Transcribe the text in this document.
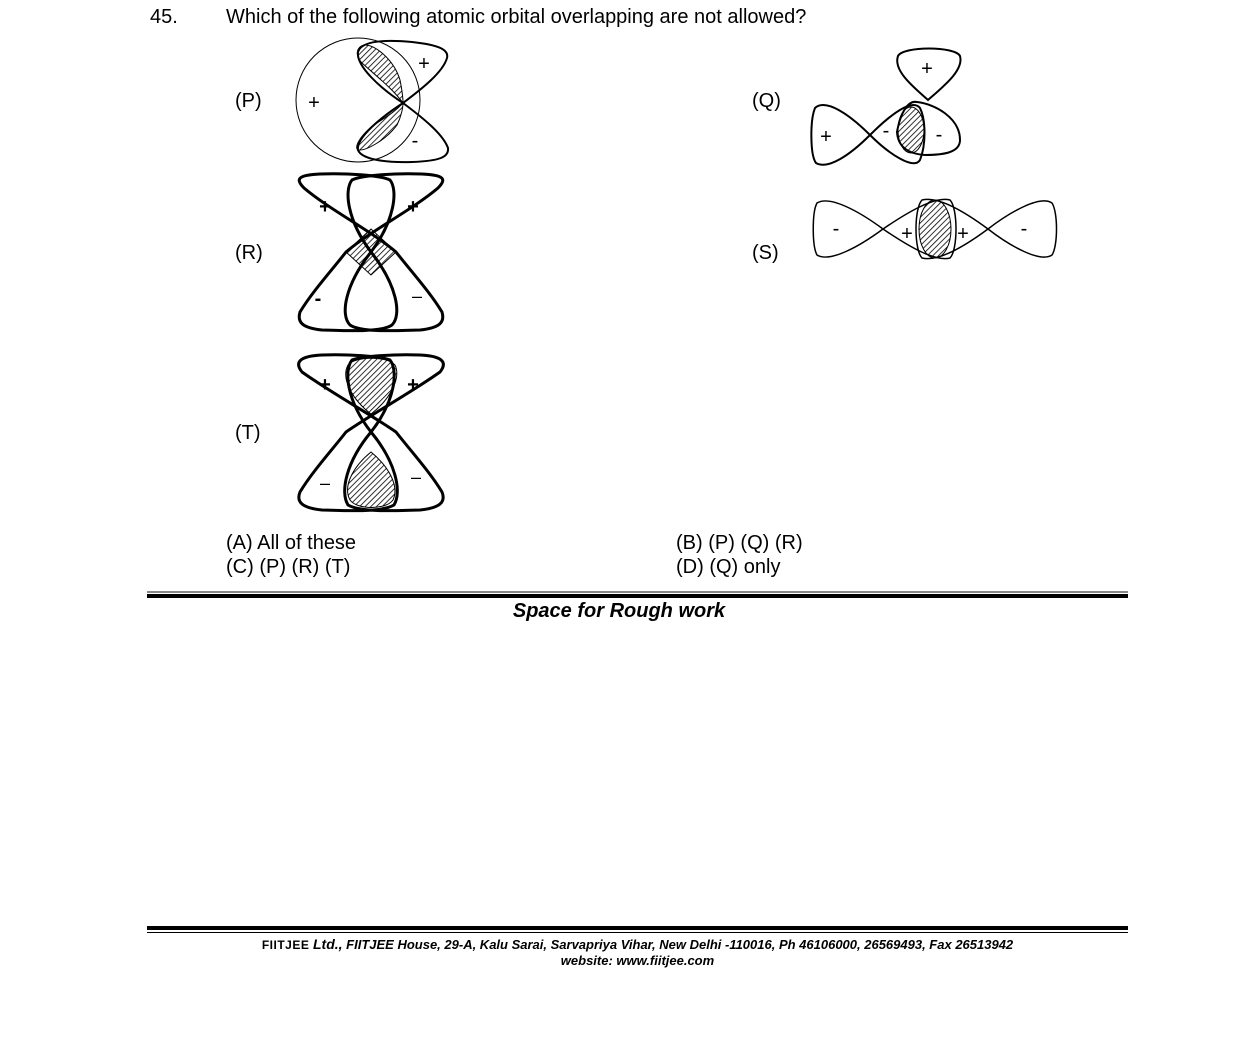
45. Which of the following atomic orbital overlapping are not allowed?
(P)	(Q)
(R)	(S)
(T)
+
+
-
+
+	- -
+	+
-	–
-	+ +	-
+	+
–	–
(A) All of these	(B) (P) (Q) (R)
(C) (P) (R) (T)	(D) (Q) only
Space for Rough work
FIITJEE Ltd., FIITJEE House, 29-A, Kalu Sarai, Sarvapriya Vihar, New Delhi -110016, Ph 46106000, 26569493, Fax 26513942
website: www.fiitjee.com
